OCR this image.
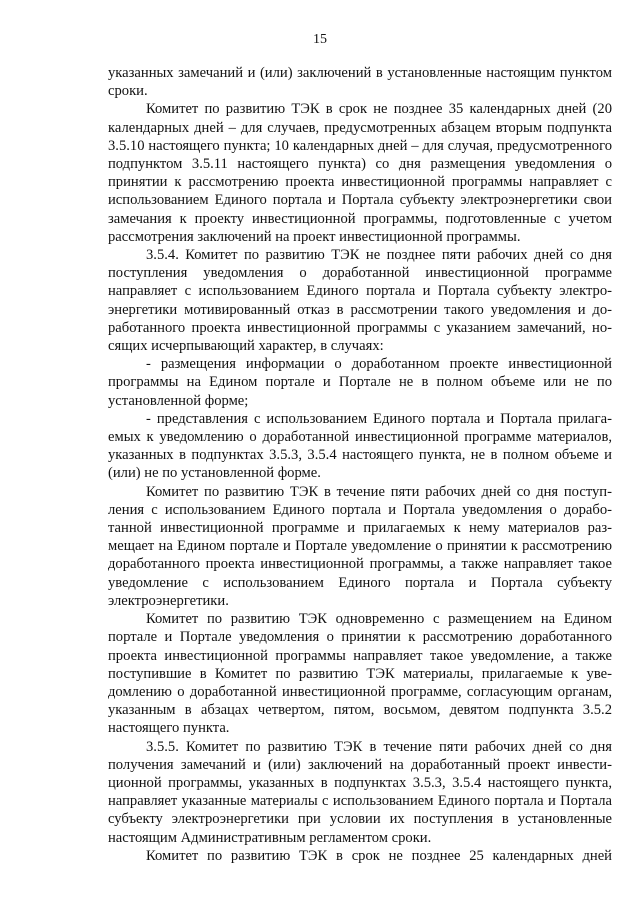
15

указанных замечаний и (или) заключений в установленные настоящим пунктом сроки.

Комитет по развитию ТЭК в срок не позднее 35 календарных дней (20 календарных дней – для случаев, предусмотренных абзацем вторым подпункта 3.5.10 настоящего пункта; 10 календарных дней – для случая, предусмотренного подпунктом 3.5.11 настоящего пункта) со дня размещения уведомления о принятии к рассмотрению проекта инвестиционной программы направляет с использованием Единого портала и Портала субъекту электроэнергетики свои замечания к проекту инвестиционной программы, подготовленные с учетом рассмотрения заключений на проект инвестиционной программы.

3.5.4. Комитет по развитию ТЭК не позднее пяти рабочих дней со дня поступления уведомления о доработанной инвестиционной программе направляет с использованием Единого портала и Портала субъекту электроэнергетики мотивированный отказ в рассмотрении такого уведомления и доработанного проекта инвестиционной программы с указанием замечаний, носящих исчерпывающий характер, в случаях:

- размещения информации о доработанном проекте инвестиционной программы на Едином портале и Портале не в полном объеме или не по установленной форме;

- представления с использованием Единого портала и Портала прилагаемых к уведомлению о доработанной инвестиционной программе материалов, указанных в подпунктах 3.5.3, 3.5.4 настоящего пункта, не в полном объеме и (или) не по установленной форме.

Комитет по развитию ТЭК в течение пяти рабочих дней со дня поступления с использованием Единого портала и Портала уведомления о доработанной инвестиционной программе и прилагаемых к нему материалов размещает на Едином портале и Портале уведомление о принятии к рассмотрению доработанного проекта инвестиционной программы, а также направляет такое уведомление с использованием Единого портала и Портала субъекту электроэнергетики.

Комитет по развитию ТЭК одновременно с размещением на Едином портале и Портале уведомления о принятии к рассмотрению доработанного проекта инвестиционной программы направляет такое уведомление, а также поступившие в Комитет по развитию ТЭК материалы, прилагаемые к уведомлению о доработанной инвестиционной программе, согласующим органам, указанным в абзацах четвертом, пятом, восьмом, девятом подпункта 3.5.2 настоящего пункта.

3.5.5. Комитет по развитию ТЭК в течение пяти рабочих дней со дня получения замечаний и (или) заключений на доработанный проект инвестиционной программы, указанных в подпунктах 3.5.3, 3.5.4 настоящего пункта, направляет указанные материалы с использованием Единого портала и Портала субъекту электроэнергетики при условии их поступления в установленные настоящим Административным регламентом сроки.

Комитет по развитию ТЭК в срок не позднее 25 календарных дней
